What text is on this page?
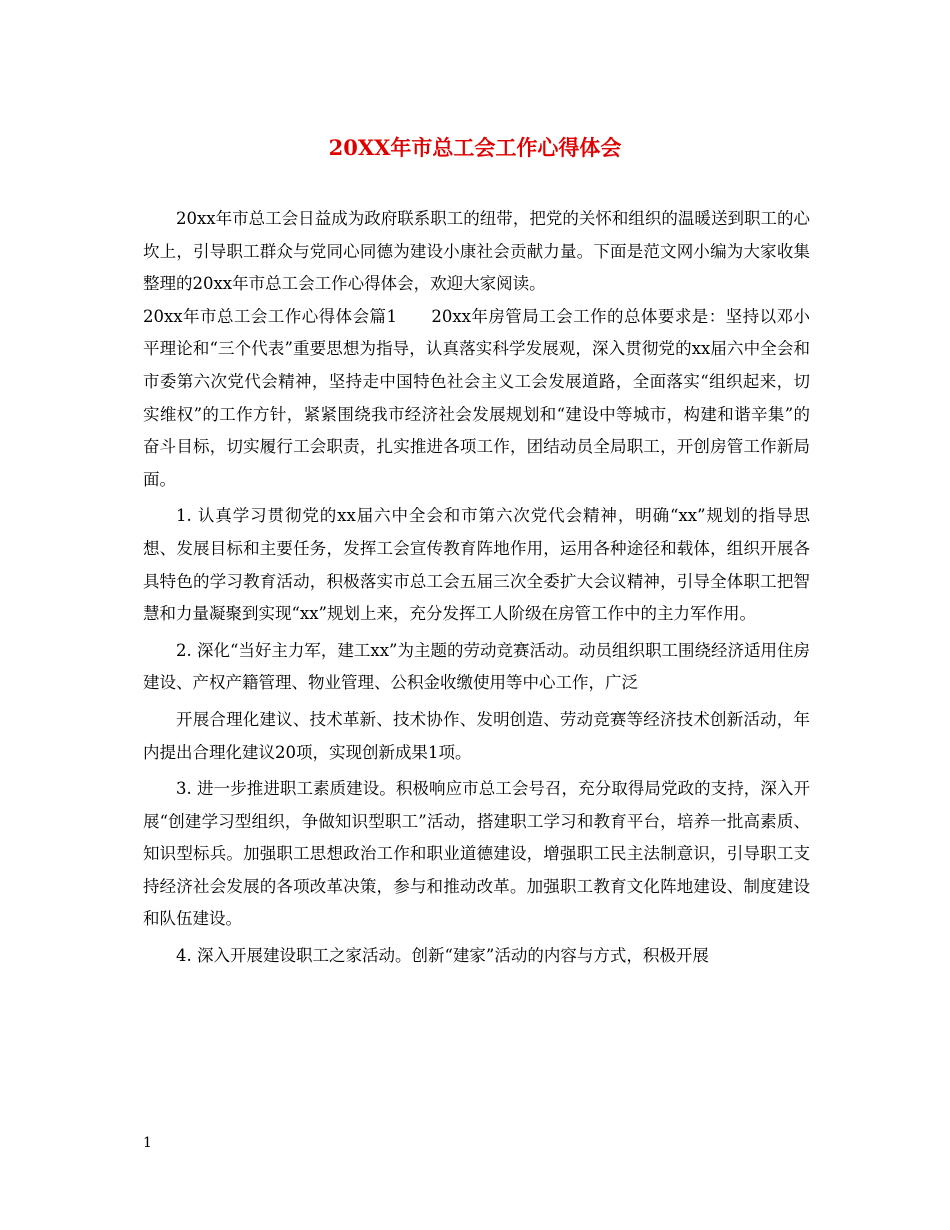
20XX年市总工会工作心得体会

20xx年市总工会日益成为政府联系职工的纽带，把党的关怀和组织的温暖送到职工的心坎上，引导职工群众与党同心同德为建设小康社会贡献力量。下面是范文网小编为大家收集整理的20xx年市总工会工作心得体会，欢迎大家阅读。

20xx年市总工会工作心得体会篇1　　20xx年房管局工会工作的总体要求是：坚持以邓小平理论和“三个代表”重要思想为指导，认真落实科学发展观，深入贯彻党的xx届六中全会和市委第六次党代会精神，坚持走中国特色社会主义工会发展道路，全面落实“组织起来，切实维权”的工作方针，紧紧围绕我市经济社会发展规划和“建设中等城市，构建和谐辛集”的奋斗目标，切实履行工会职责，扎实推进各项工作，团结动员全局职工，开创房管工作新局面。

1. 认真学习贯彻党的xx届六中全会和市第六次党代会精神，明确“xx”规划的指导思想、发展目标和主要任务，发挥工会宣传教育阵地作用，运用各种途径和载体，组织开展各具特色的学习教育活动，积极落实市总工会五届三次全委扩大会议精神，引导全体职工把智慧和力量凝聚到实现“xx”规划上来，充分发挥工人阶级在房管工作中的主力军作用。

2. 深化“当好主力军，建工xx”为主题的劳动竞赛活动。动员组织职工围绕经济适用住房建设、产权产籍管理、物业管理、公积金收缴使用等中心工作，广泛

开展合理化建议、技术革新、技术协作、发明创造、劳动竞赛等经济技术创新活动，年内提出合理化建议20项，实现创新成果1项。

3. 进一步推进职工素质建设。积极响应市总工会号召，充分取得局党政的支持，深入开展“创建学习型组织，争做知识型职工”活动，搭建职工学习和教育平台，培养一批高素质、知识型标兵。加强职工思想政治工作和职业道德建设，增强职工民主法制意识，引导职工支持经济社会发展的各项改革决策，参与和推动改革。加强职工教育文化阵地建设、制度建设和队伍建设。

4. 深入开展建设职工之家活动。创新“建家”活动的内容与方式，积极开展

1
